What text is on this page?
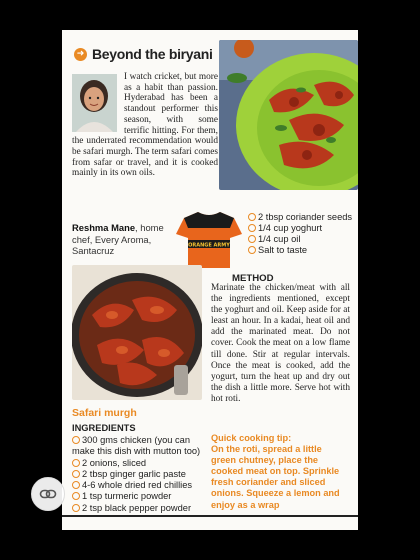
➜ Beyond the biryani
I watch cricket, but more as a habit than passion. Hyderabad has been a standout performer this season, with some terrific hitting. For them, the underrated recommendation would be safari murgh. The term safari comes from safar or travel, and it is cooked mainly in its own oils.
Reshma Mane, home chef, Every Aroma, Santacruz	ORANGE ARMY
2 tbsp coriander seeds
1/4 cup yoghurt
1/4 cup oil
Salt to taste
Safari murgh
INGREDIENTS
300 gms chicken (you can make this dish with mutton too) 2 onions, sliced
2 tbsp ginger garlic paste
4-6 whole dried red chillies
1 tsp turmeric powder
2 tsp black pepper powder
METHOD
Marinate the chicken/meat with all the ingredients mentioned, except the yoghurt and oil. Keep aside for at least an hour. In a kadai, heat oil and add the marinated meat. Do not cover. Cook the meat on a low flame till done. Stir at regular intervals. Once the meat is cooked, add the yogurt, turn the heat up and dry out the dish a little more. Serve hot with hot roti.
Quick cooking tip:
On the roti, spread a little green chutney, place the cooked meat on top. Sprinkle fresh coriander and sliced onions. Squeeze a lemon and enjoy as a wrap
